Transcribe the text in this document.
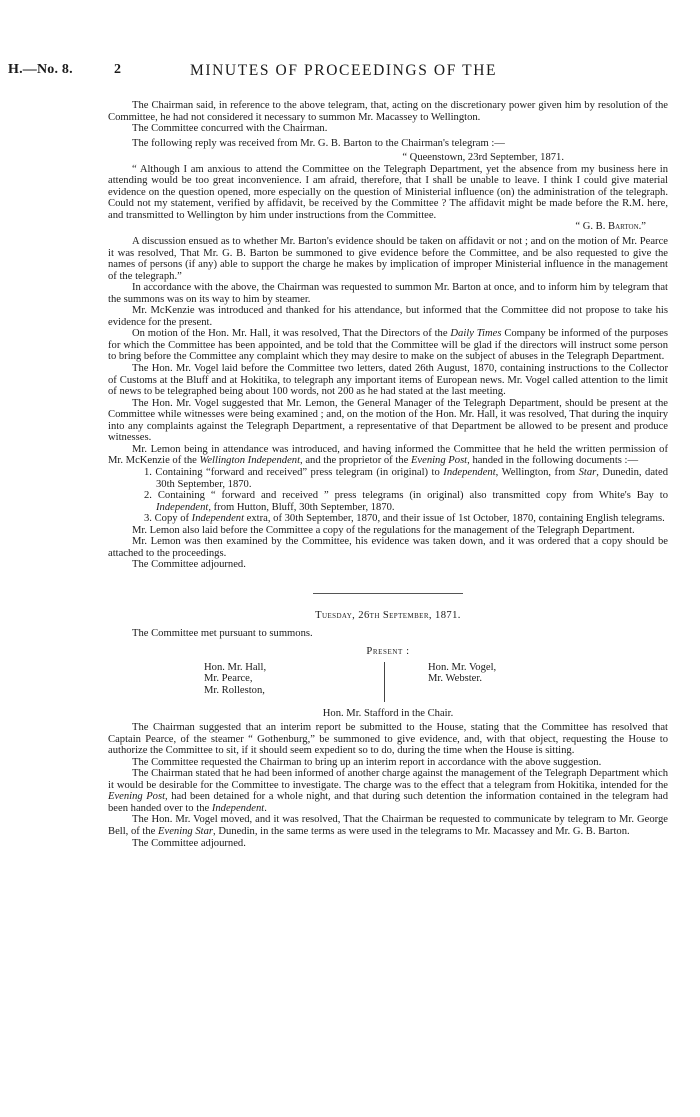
H.—No. 8.	2	MINUTES OF PROCEEDINGS OF THE

The Chairman said, in reference to the above telegram, that, acting on the discretionary power given him by resolution of the Committee, he had not considered it necessary to summon Mr. Macassey to Wellington.

The Committee concurred with the Chairman.

The following reply was received from Mr. G. B. Barton to the Chairman's telegram :—

“ Queenstown, 23rd September, 1871.

“ Although I am anxious to attend the Committee on the Telegraph Department, yet the absence from my business here in attending would be too great inconvenience. I am afraid, therefore, that I shall be unable to leave. I think I could give material evidence on the question opened, more especially on the question of Ministerial influence (on) the administration of the telegraph. Could not my statement, verified by affidavit, be received by the Committee ? The affidavit might be made before the R.M. here, and transmitted to Wellington by him under instructions from the Committee.

“ G. B. Barton.”

A discussion ensued as to whether Mr. Barton's evidence should be taken on affidavit or not ; and on the motion of Mr. Pearce it was resolved, That Mr. G. B. Barton be summoned to give evidence before the Committee, and be also requested to give the names of persons (if any) able to support the charge he makes by implication of improper Ministerial influence in the management of the telegraph.”

In accordance with the above, the Chairman was requested to summon Mr. Barton at once, and to inform him by telegram that the summons was on its way to him by steamer.

Mr. McKenzie was introduced and thanked for his attendance, but informed that the Committee did not propose to take his evidence for the present.

On motion of the Hon. Mr. Hall, it was resolved, That the Directors of the Daily Times Company be informed of the purposes for which the Committee has been appointed, and be told that the Committee will be glad if the directors will instruct some person to bring before the Committee any complaint which they may desire to make on the subject of abuses in the Telegraph Department.

The Hon. Mr. Vogel laid before the Committee two letters, dated 26th August, 1870, containing instructions to the Collector of Customs at the Bluff and at Hokitika, to telegraph any important items of European news. Mr. Vogel called attention to the limit of news to be telegraphed being about 100 words, not 200 as he had stated at the last meeting.

The Hon. Mr. Vogel suggested that Mr. Lemon, the General Manager of the Telegraph Department, should be present at the Committee while witnesses were being examined ; and, on the motion of the Hon. Mr. Hall, it was resolved, That during the inquiry into any complaints against the Telegraph Department, a representative of that Department be allowed to be present and produce witnesses.

Mr. Lemon being in attendance was introduced, and having informed the Committee that he held the written permission of Mr. McKenzie of the Wellington Independent, and the proprietor of the Evening Post, handed in the following documents :—

1. Containing “forward and received” press telegram (in original) to Independent, Wellington, from Star, Dunedin, dated 30th September, 1870.

2. Containing “ forward and received ” press telegrams (in original) also transmitted copy from White's Bay to Independent, from Hutton, Bluff, 30th September, 1870.

3. Copy of Independent extra, of 30th September, 1870, and their issue of 1st October, 1870, containing English telegrams.

Mr. Lemon also laid before the Committee a copy of the regulations for the management of the Telegraph Department.

Mr. Lemon was then examined by the Committee, his evidence was taken down, and it was ordered that a copy should be attached to the proceedings.

The Committee adjourned.

Tuesday, 26th September, 1871.

The Committee met pursuant to summons.

Present :

Hon. Mr. Hall,
Mr. Pearce,
Mr. Rolleston,
Hon. Mr. Vogel,
Mr. Webster.

Hon. Mr. Stafford in the Chair.

The Chairman suggested that an interim report be submitted to the House, stating that the Committee has resolved that Captain Pearce, of the steamer “ Gothenburg,” be summoned to give evidence, and, with that object, requesting the House to authorize the Committee to sit, if it should seem expedient so to do, during the time when the House is sitting.

The Committee requested the Chairman to bring up an interim report in accordance with the above suggestion.

The Chairman stated that he had been informed of another charge against the management of the Telegraph Department which it would be desirable for the Committee to investigate. The charge was to the effect that a telegram from Hokitika, intended for the Evening Post, had been detained for a whole night, and that during such detention the information contained in the telegram had been handed over to the Independent.

The Hon. Mr. Vogel moved, and it was resolved, That the Chairman be requested to communicate by telegram to Mr. George Bell, of the Evening Star, Dunedin, in the same terms as were used in the telegrams to Mr. Macassey and Mr. G. B. Barton.

The Committee adjourned.
